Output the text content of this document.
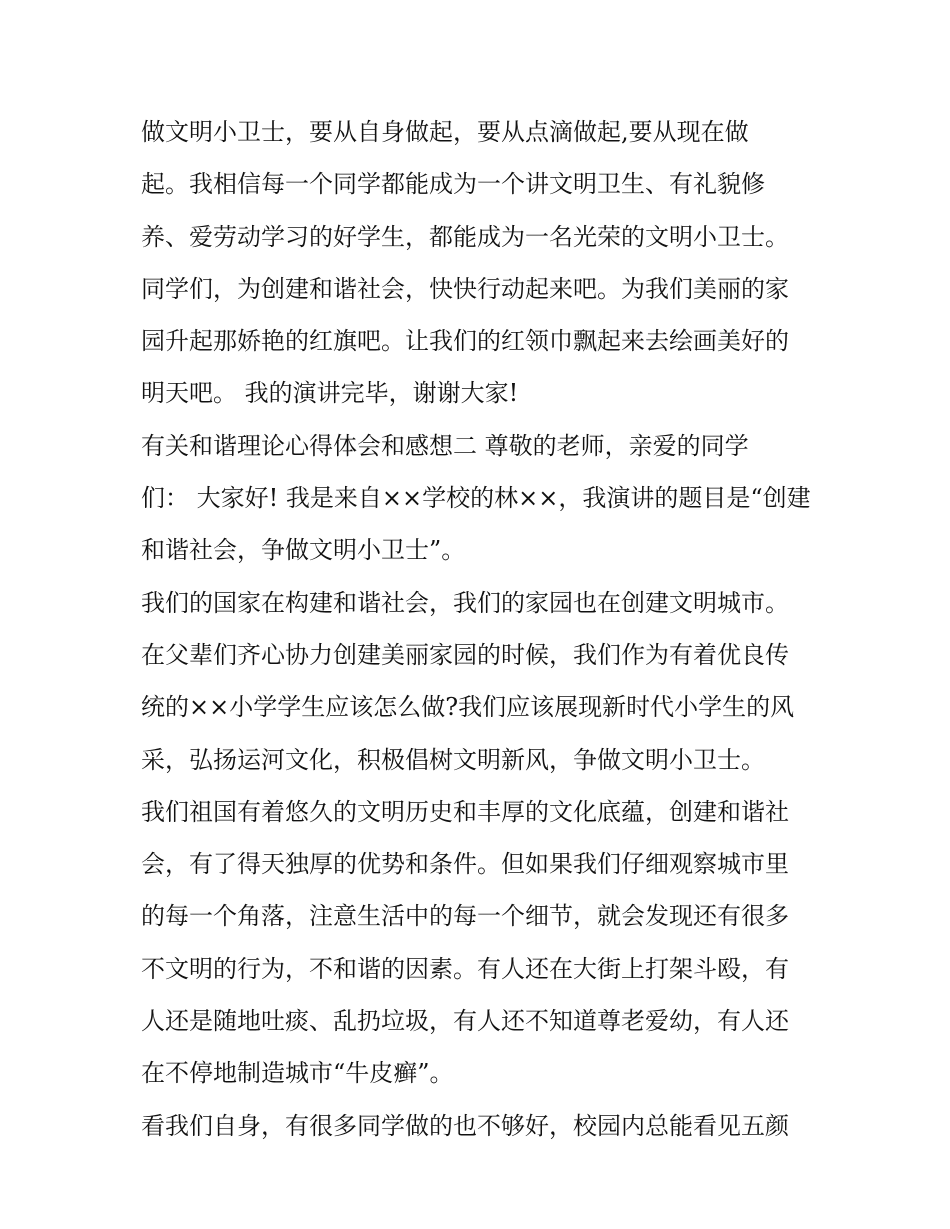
做文明小卫士，要从自身做起，要从点滴做起,要从现在做
起。我相信每一个同学都能成为一个讲文明卫生、有礼貌修
养、爱劳动学习的好学生，都能成为一名光荣的文明小卫士。
同学们，为创建和谐社会，快快行动起来吧。为我们美丽的家
园升起那娇艳的红旗吧。让我们的红领巾飘起来去绘画美好的
明天吧。 我的演讲完毕，谢谢大家!
有关和谐理论心得体会和感想二 尊敬的老师，亲爱的同学
们： 大家好! 我是来自××学校的林××，我演讲的题目是“创建
和谐社会，争做文明小卫士”。
我们的国家在构建和谐社会，我们的家园也在创建文明城市。
在父辈们齐心协力创建美丽家园的时候，我们作为有着优良传
统的××小学学生应该怎么做?我们应该展现新时代小学生的风
采，弘扬运河文化，积极倡树文明新风，争做文明小卫士。
我们祖国有着悠久的文明历史和丰厚的文化底蕴，创建和谐社
会，有了得天独厚的优势和条件。但如果我们仔细观察城市里
的每一个角落，注意生活中的每一个细节，就会发现还有很多
不文明的行为，不和谐的因素。有人还在大街上打架斗殴，有
人还是随地吐痰、乱扔垃圾，有人还不知道尊老爱幼，有人还
在不停地制造城市“牛皮癣”。
看我们自身，有很多同学做的也不够好，校园内总能看见五颜
